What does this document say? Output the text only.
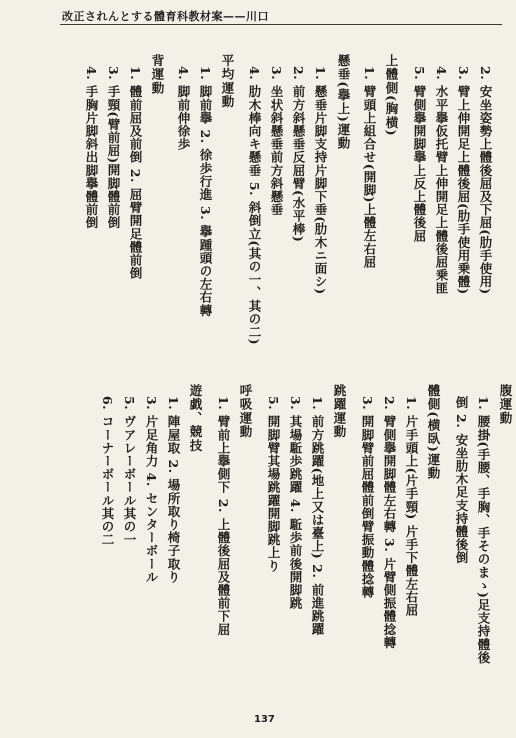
改正されんとする體育科教材案——川口
2. 安坐姿勢上體後屈及下屈(肋手使用)
3. 臂上伸開足上體後屈(肋手使用乗體)
4. 水平擧仮托臂上伸開足上體後屈乗匪
5. 臂側擧開脚擧上反上體後屈
上體側(胸横)
1. 臂頭上組合せ(開脚)上體左右屈
懸垂(擧上)運動
1. 懸垂片脚支持片脚下垂(肋木ニ面シ)
2. 前方斜懸垂反屈臂(水平棒)
3. 坐状斜懸垂前方斜懸垂
4. 肋木棒向キ懸垂 5. 斜倒立(其の一、其の二)
平均運動
1. 脚前擧 2. 徐歩行進 3. 擧踵頭の左右轉
4. 脚前伸徐歩
背運動
1. 體前屈及前倒 2. 屈臂開足體前倒
3. 手頸(臂前屈)開脚體前倒
4. 手胸片脚斜出脚擧體前倒
腹運動
1. 腰掛(手腰、手胸、手そのまゝ)足支持體後
倒 2. 安坐肋木足支持體後倒
體側(横臥)運動
1. 片手頭上(片手頸) 片手下體左右屈
2. 臂側擧開脚體左右轉 3. 片臂側振體捻轉
3. 開脚臂前屈體前倒臂振動體捻轉
跳躍運動
1. 前方跳躍(地上又は臺上) 2. 前進跳躍
3. 其場駈歩跳躍 4. 駈歩前後開脚跳
5. 開脚臂其場跳躍開脚跳上り
呼吸運動
1. 臂前上擧側下 2. 上體後屈及體前下屈
遊戯、競技
1. 陣屋取 2. 場所取り椅子取り
3. 片足角力 4. センターボール
5. ヴアレーボール其の一
6. コーナーボール其の二
137
